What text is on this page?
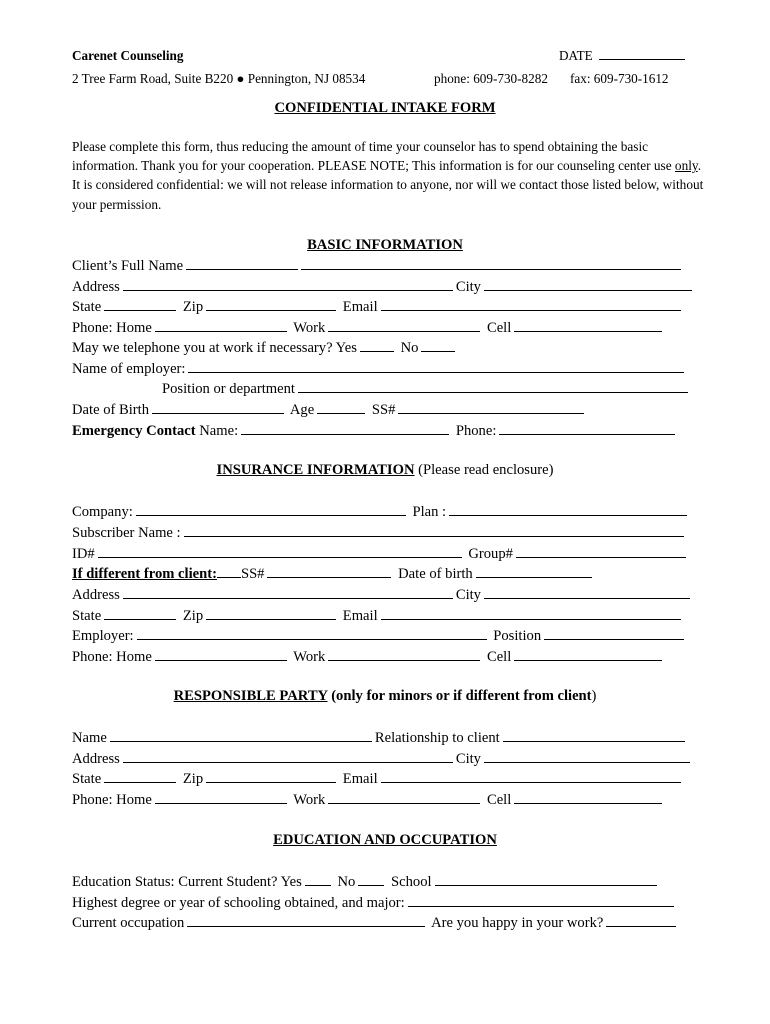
Carenet Counseling	DATE
2 Tree Farm Road, Suite B220 ● Pennington, NJ 08534	phone: 609-730-8282 fax: 609-730-1612
CONFIDENTIAL INTAKE FORM
Please complete this form, thus reducing the amount of time your counselor has to spend obtaining the basic information. Thank you for your cooperation. PLEASE NOTE; This information is for our counseling center use only. It is considered confidential: we will not release information to anyone, nor will we contact those listed below, without your permission.
BASIC INFORMATION
Client’s Full Name
Address	City
State	Zip	Email
Phone: Home	Work	Cell
May we telephone you at work if necessary? Yes	No
Name of employer:
Position or department
Date of Birth	Age	SS#
Emergency Contact Name:	Phone:
INSURANCE INFORMATION (Please read enclosure)
Company:	Plan :
Subscriber Name :
ID#	Group#
If different from client: SS#	Date of birth
Address	City
State	Zip	Email
Employer:	Position
Phone: Home	Work	Cell
RESPONSIBLE PARTY (only for minors or if different from client)
Name	Relationship to client
Address	City
State	Zip	Email
Phone: Home	Work	Cell
EDUCATION AND OCCUPATION
Education Status: Current Student? Yes No School
Highest degree or year of schooling obtained, and major:
Current occupation	Are you happy in your work?
